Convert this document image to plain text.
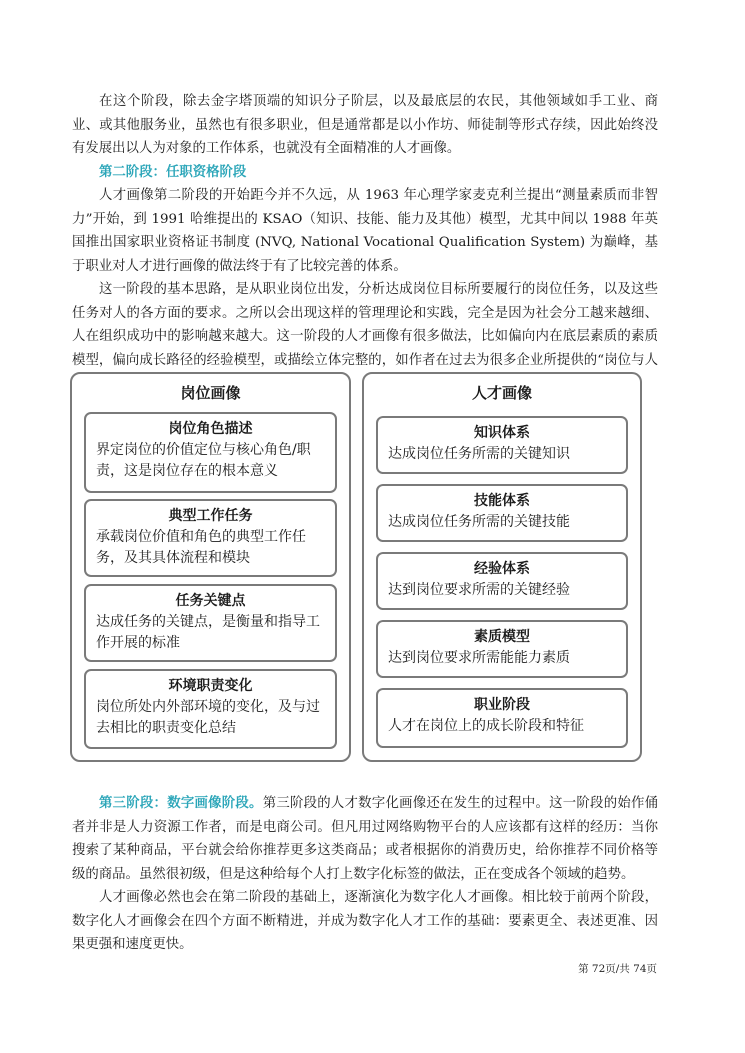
在这个阶段，除去金字塔顶端的知识分子阶层，以及最底层的农民，其他领域如手工业、商业、或其他服务业，虽然也有很多职业，但是通常都是以小作坊、师徒制等形式存续，因此始终没有发展出以人为对象的工作体系，也就没有全面精准的人才画像。

第二阶段：任职资格阶段

人才画像第二阶段的开始距今并不久远，从 1963 年心理学家麦克利兰提出“测量素质而非智力”开始，到 1991 哈维提出的 KSAO（知识、技能、能力及其他）模型，尤其中间以 1988 年英国推出国家职业资格证书制度 (NVQ, National Vocational Qualification System) 为巅峰，基于职业对人才进行画像的做法终于有了比较完善的体系。

这一阶段的基本思路，是从职业岗位出发，分析达成岗位目标所要履行的岗位任务，以及这些任务对人的各方面的要求。之所以会出现这样的管理理论和实践，完全是因为社会分工越来越细、人在组织成功中的影响越来越大。这一阶段的人才画像有很多做法，比如偏向内在底层素质的素质模型，偏向成长路径的经验模型，或描绘立体完整的，如作者在过去为很多企业所提供的“岗位与人

岗位画像
岗位角色描述
界定岗位的价值定位与核心角色/职责，这是岗位存在的根本意义
典型工作任务
承载岗位价值和角色的典型工作任务，及其具体流程和模块
任务关键点
达成任务的关键点，是衡量和指导工作开展的标准
环境职责变化
岗位所处内外部环境的变化，及与过去相比的职责变化总结
人才画像
知识体系
达成岗位任务所需的关键知识
技能体系
达成岗位任务所需的关键技能
经验体系
达到岗位要求所需的关键经验
素质模型
达到岗位要求所需能能力素质
职业阶段
人才在岗位上的成长阶段和特征

第三阶段：数字画像阶段。第三阶段的人才数字化画像还在发生的过程中。这一阶段的始作俑者并非是人力资源工作者，而是电商公司。但凡用过网络购物平台的人应该都有这样的经历：当你搜索了某种商品，平台就会给你推荐更多这类商品；或者根据你的消费历史，给你推荐不同价格等级的商品。虽然很初级，但是这种给每个人打上数字化标签的做法，正在变成各个领域的趋势。

人才画像必然也会在第二阶段的基础上，逐渐演化为数字化人才画像。相比较于前两个阶段，数字化人才画像会在四个方面不断精进，并成为数字化人才工作的基础：要素更全、表述更准、因果更强和速度更快。

第 72页/共 74页
